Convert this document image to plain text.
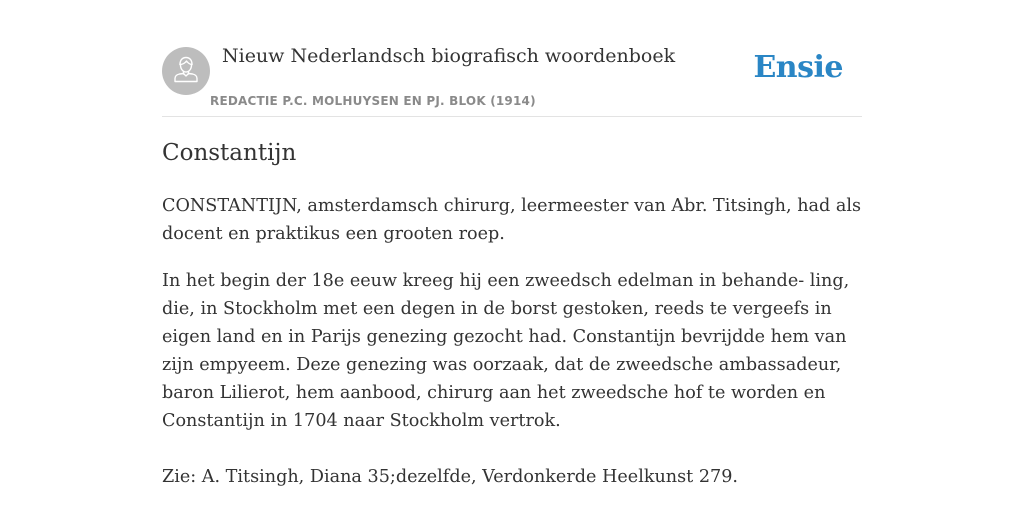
Nieuw Nederlandsch biografisch woordenboek
REDACTIE P.C. MOLHUYSEN EN PJ. BLOK (1914)
Ensie
Constantijn

CONSTANTIJN, amsterdamsch chirurg, leermeester van Abr. Titsingh, had als docent en praktikus een grooten roep.

In het begin der 18e eeuw kreeg hij een zweedsch edelman in behande- ling, die, in Stockholm met een degen in de borst gestoken, reeds te vergeefs in eigen land en in Parijs genezing gezocht had. Constantijn bevrijdde hem van zijn empyeem. Deze genezing was oorzaak, dat de zweedsche ambassadeur, baron Lilierot, hem aanbood, chirurg aan het zweedsche hof te worden en Constantijn in 1704 naar Stockholm vertrok.

Zie: A. Titsingh, Diana 35;dezelfde, Verdonkerde Heelkunst 279.
